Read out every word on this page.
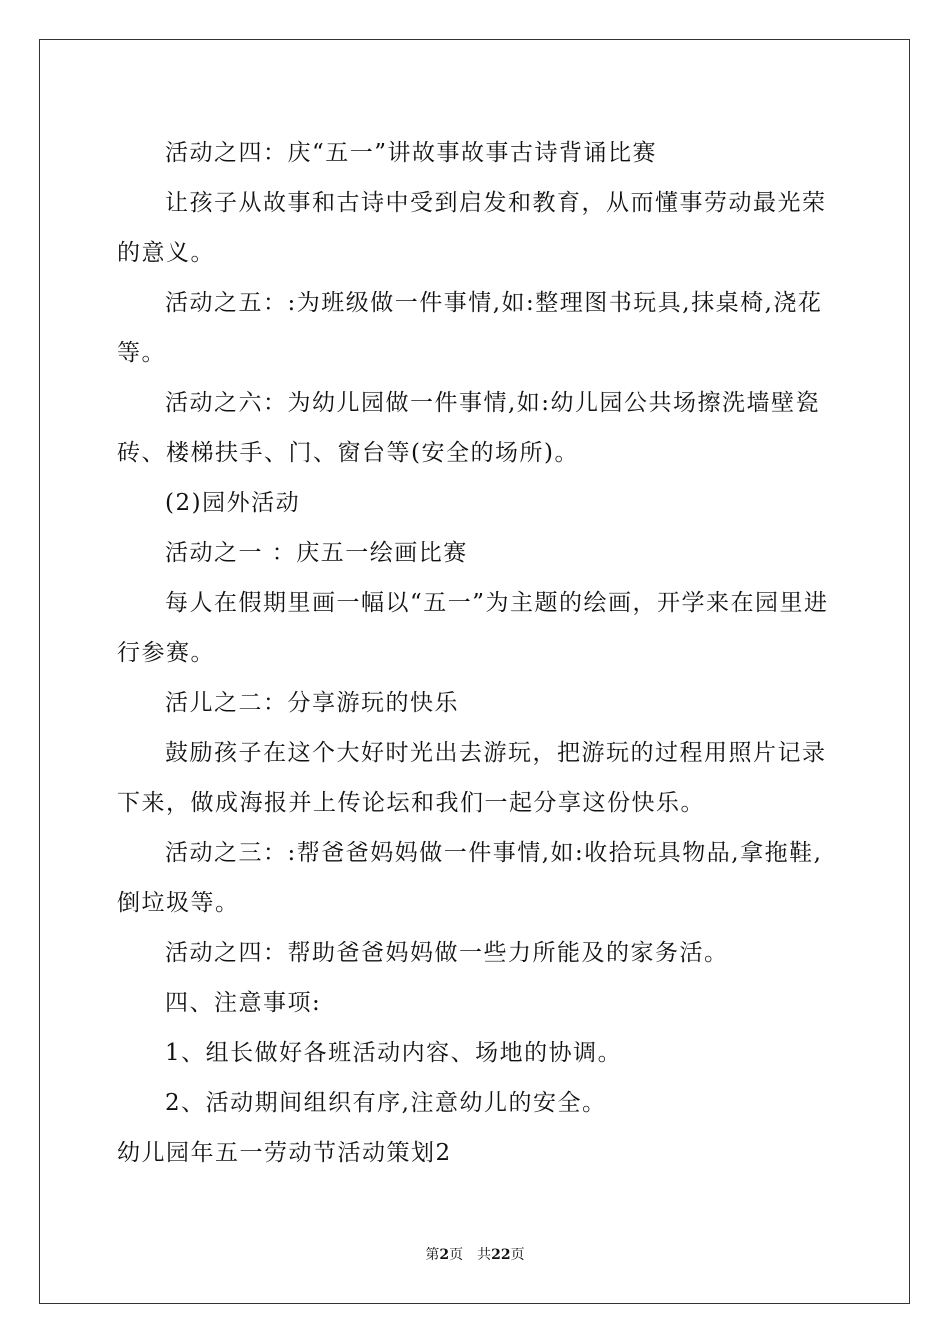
活动之四：庆“五一”讲故事故事古诗背诵比赛

让孩子从故事和古诗中受到启发和教育，从而懂事劳动最光荣的意义。

活动之五：:为班级做一件事情,如:整理图书玩具,抹桌椅,浇花等。

活动之六：为幼儿园做一件事情,如:幼儿园公共场擦洗墙壁瓷砖、楼梯扶手、门、窗台等(安全的场所)。

(2)园外活动

活动之一 ：庆五一绘画比赛

每人在假期里画一幅以“五一”为主题的绘画，开学来在园里进行参赛。

活儿之二：分享游玩的快乐

鼓励孩子在这个大好时光出去游玩，把游玩的过程用照片记录下来，做成海报并上传论坛和我们一起分享这份快乐。

活动之三：:帮爸爸妈妈做一件事情,如:收拾玩具物品,拿拖鞋,倒垃圾等。

活动之四：帮助爸爸妈妈做一些力所能及的家务活。

四、注意事项:

1、组长做好各班活动内容、场地的协调。

2、活动期间组织有序,注意幼儿的安全。

幼儿园年五一劳动节活动策划2

第2页 共22页
